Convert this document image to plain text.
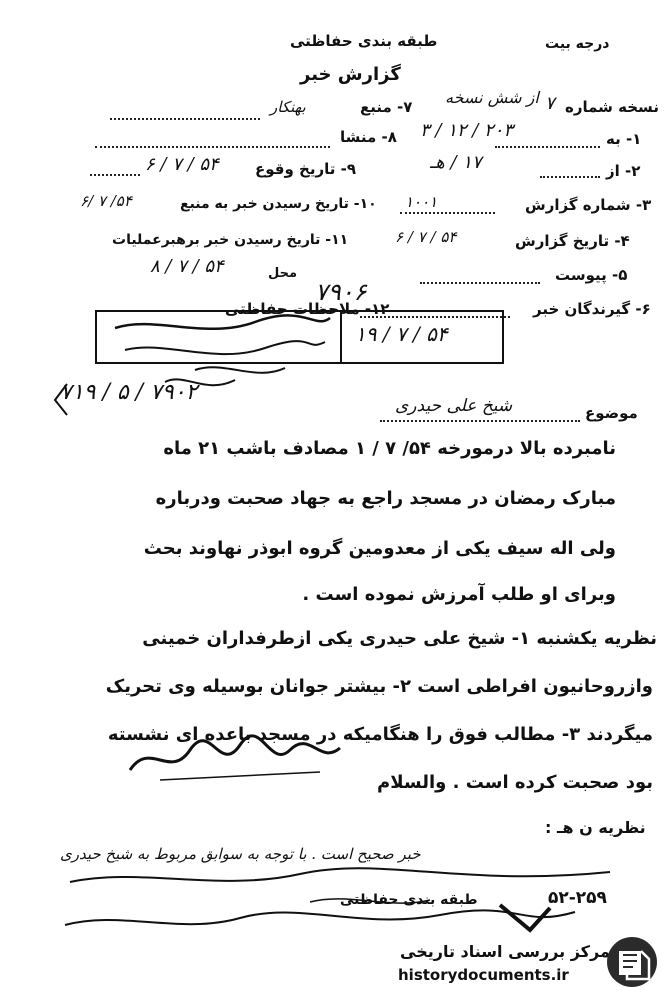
درجه بیت
طبقه بندی حفاظتی
گزارش خبر
نسخه شماره
۷
از شش نسخه
۷- منبع
بهنکار
۱- به
۲۰۳ / ۱۲ / ۳
۸- منشا
۲- از
۱۷ / هـ
۹- تاریخ وقوع
۵۴ / ۷ / ۶
۳- شماره گزارش
۱۰۰۱
۱۰- تاریخ رسیدن خبر به منبع
۵۴/ ۷ /۶
۴- تاریخ گزارش
۵۴ / ۷ / ۶
۱۱- تاریخ رسیدن خبر برهبرعملیات
۵- پیوست
محل
۵۴ / ۷ / ۸
۷۹۰۶
۶- گیرندگان خبر
۱۲- ملاحظات حفاظتی
۵۴ / ۷ / ۱۹
۷۱۹ / ۵ / ۷۹۰۲
موضوع
شیخ علی حیدری
نامبرده بالا درمورخه ۵۴/ ۷ / ۱ مصادف باشب ۲۱ ماه
مبارک رمضان در مسجد راجع به جهاد صحبت ودرباره
ولی اله سیف یکی از معدومین گروه ابوذر نهاوند بحث
وبرای او طلب آمرزش نموده است .
نظریه یکشنبه ۱- شیخ علی حیدری یکی ازطرفداران خمینی
وازروحانیون افراطی است ۲- بیشتر جوانان بوسیله وی تحریک
میگردند ۳- مطالب فوق را هنگامیکه در مسجد باعده ای نشسته
بود صحبت کرده است . والسلام
نظریه ن هـ :
خبر صحیح است . با توجه به سوابق مربوط به شیخ حیدری
۵۲-۲۵۹
طبقه بندی حفاظتی
مرکز بررسی اسناد تاریخی
historydocuments.ir
